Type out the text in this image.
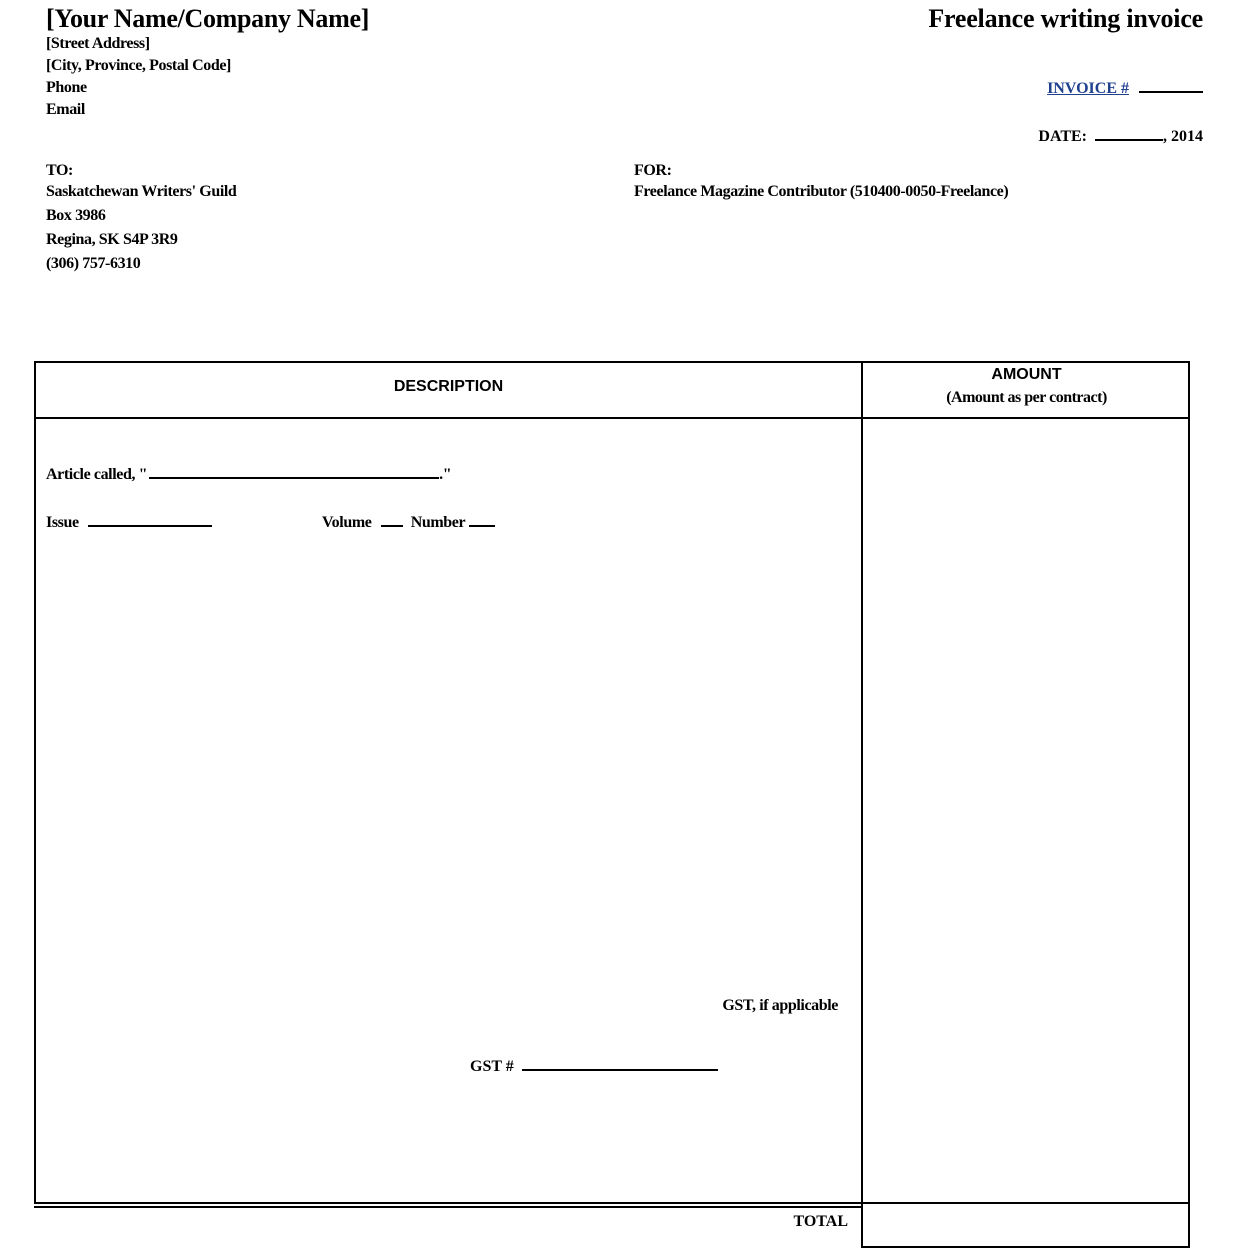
[Your Name/Company Name]
[Street Address]
[City, Province, Postal Code]
Phone
Email
Freelance writing invoice
INVOICE #
DATE:	, 2014
TO:
Saskatchewan Writers' Guild
Box 3986
Regina, SK S4P 3R9
(306) 757-6310
FOR:
Freelance Magazine Contributor (510400-0050-Freelance)
DESCRIPTION
AMOUNT
(Amount as per contract)
Article called, "	."
Issue	Volume Number
GST, if applicable
GST #
TOTAL
